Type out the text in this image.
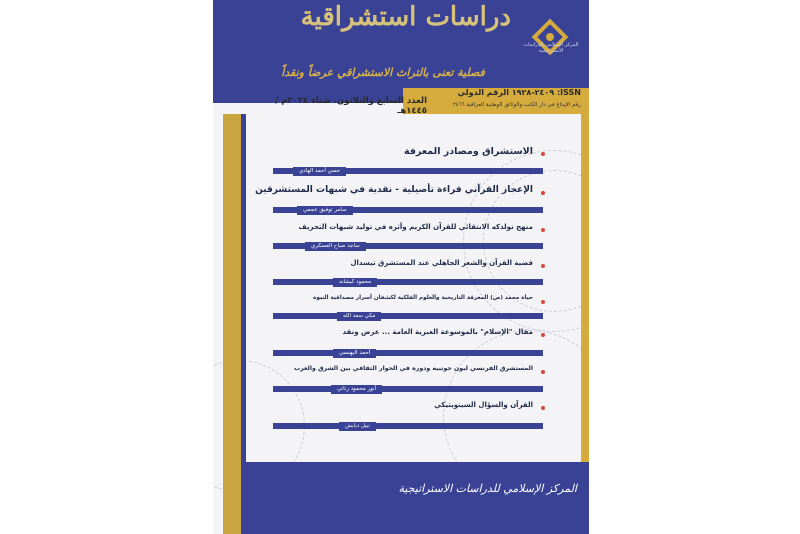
دراسات استشراقية
فصلية تعنى بالتراث الاستشراقي عرضاً ونقداً
المركز الإسلامي للدراسات الاستراتيجية
ISSN: ٢٤٠٩-١٩٢٨ الرقم الدولي
رقم الإيداع في دار الكتب والوثائق الوطنية العراقية ٢٤٦٦
العدد السابع والثلاثون. شتاء ٢٠٢٤م / ١٤٤٥هـ
الاستشراق ومصادر المعرفة
حسن أحمد الهادي
الإعجاز القرآني قراءة تأصيلية - نقدية في شبهات المستشرقين
سامر توفيق عجمي
منهج نولدكه الانتقائي للقرآن الكريم وأثره في توليد شبهات التحريف
ساجد صباح العسكري
قضية القرآن والشعر الجاهلي عند المستشرق تيسدال
محمود كيشانه
حياة محمد (ص) المعرفة التاريخية والعلوم الفلكية لكشفان أسرار مصداقية النبوة
مكي سعد الله
مقال "الإسلام" بالموسوعة العبرية العامة ... عرض ونقد
أحمد البهنسي
المستشرق الفرنسي ليون جوتييه ودوره في الحوار الثقافي بين الشرق والغرب
أنور محمود زناتي
القرآن والسؤال السينوبتيكي
نبيل دبابش
المركز الإسلامي للدراسات الاستراتيجية
